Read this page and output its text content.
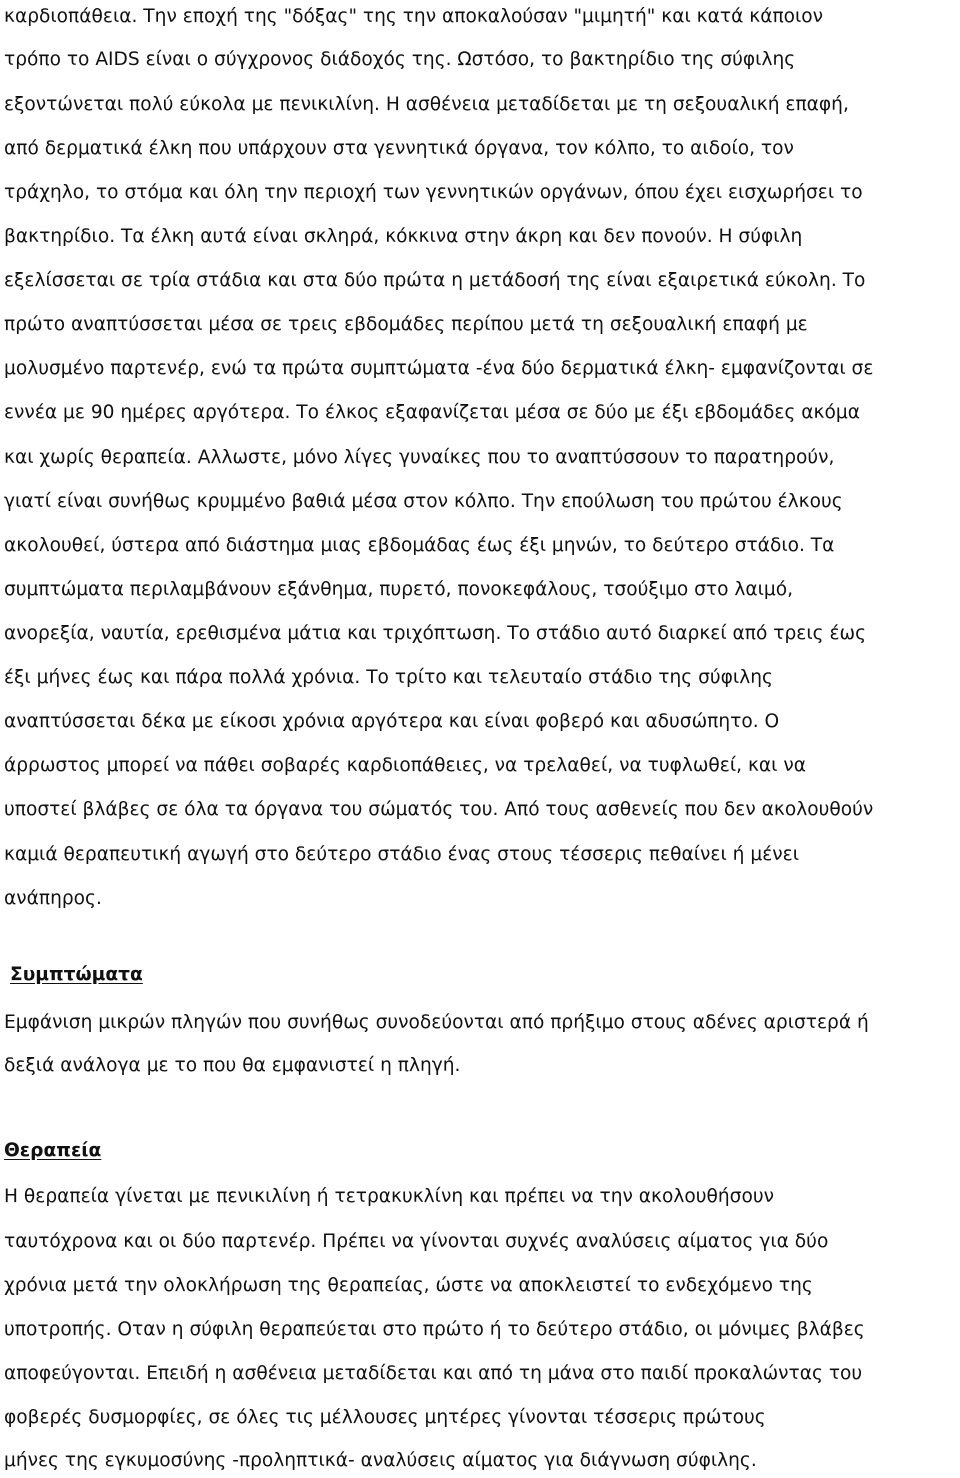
καρδιοπάθεια. Την εποχή της "δόξας" της την αποκαλούσαν "μιμητή" και κατά κάποιον
τρόπο το AIDS είναι ο σύγχρονος διάδοχός της. Ωστόσο, το βακτηρίδιο της σύφιλης
εξοντώνεται πολύ εύκολα με πενικιλίνη. Η ασθένεια μεταδίδεται με τη σεξουαλική επαφή,
από δερματικά έλκη που υπάρχουν στα γεννητικά όργανα, τον κόλπο, το αιδοίο, τον
τράχηλο, το στόμα και όλη την περιοχή των γεννητικών οργάνων, όπου έχει εισχωρήσει το
βακτηρίδιο. Τα έλκη αυτά είναι σκληρά, κόκκινα στην άκρη και δεν πονούν. Η σύφιλη
εξελίσσεται σε τρία στάδια και στα δύο πρώτα η μετάδοσή της είναι εξαιρετικά εύκολη. Το
πρώτο αναπτύσσεται μέσα σε τρεις εβδομάδες περίπου μετά τη σεξουαλική επαφή με
μολυσμένο παρτενέρ, ενώ τα πρώτα συμπτώματα -ένα δύο δερματικά έλκη- εμφανίζονται σε
εννέα με 90 ημέρες αργότερα. Το έλκος εξαφανίζεται μέσα σε δύο με έξι εβδομάδες ακόμα
και χωρίς θεραπεία. Αλλωστε, μόνο λίγες γυναίκες που το αναπτύσσουν το παρατηρούν,
γιατί είναι συνήθως κρυμμένο βαθιά μέσα στον κόλπο. Την επούλωση του πρώτου έλκους
ακολουθεί, ύστερα από διάστημα μιας εβδομάδας έως έξι μηνών, το δεύτερο στάδιο. Τα
συμπτώματα περιλαμβάνουν εξάνθημα, πυρετό, πονοκεφάλους, τσούξιμο στο λαιμό,
ανορεξία, ναυτία, ερεθισμένα μάτια και τριχόπτωση. Το στάδιο αυτό διαρκεί από τρεις έως
έξι μήνες έως και πάρα πολλά χρόνια. Το τρίτο και τελευταίο στάδιο της σύφιλης
αναπτύσσεται δέκα με είκοσι χρόνια αργότερα και είναι φοβερό και αδυσώπητο. Ο
άρρωστος μπορεί να πάθει σοβαρές καρδιοπάθειες, να τρελαθεί, να τυφλωθεί, και να
υποστεί βλάβες σε όλα τα όργανα του σώματός του. Από τους ασθενείς που δεν ακολουθούν
καμιά θεραπευτική αγωγή στο δεύτερο στάδιο ένας στους τέσσερις πεθαίνει ή μένει
ανάπηρος.
Συμπτώματα
Εμφάνιση μικρών πληγών που συνήθως συνοδεύονται από πρήξιμο στους αδένες αριστερά ή
δεξιά ανάλογα με το που θα εμφανιστεί η πληγή.
Θεραπεία
Η θεραπεία γίνεται με πενικιλίνη ή τετρακυκλίνη και πρέπει να την ακολουθήσουν
ταυτόχρονα και οι δύο παρτενέρ. Πρέπει να γίνονται συχνές αναλύσεις αίματος για δύο
χρόνια μετά την ολοκλήρωση της θεραπείας, ώστε να αποκλειστεί το ενδεχόμενο της
υποτροπής. Οταν η σύφιλη θεραπεύεται στο πρώτο ή το δεύτερο στάδιο, οι μόνιμες βλάβες
αποφεύγονται. Επειδή η ασθένεια μεταδίδεται και από τη μάνα στο παιδί προκαλώντας του
φοβερές δυσμορφίες, σε όλες τις μέλλουσες μητέρες γίνονται τέσσερις πρώτους
μήνες της εγκυμοσύνης -προληπτικά- αναλύσεις αίματος για διάγνωση σύφιλης.
